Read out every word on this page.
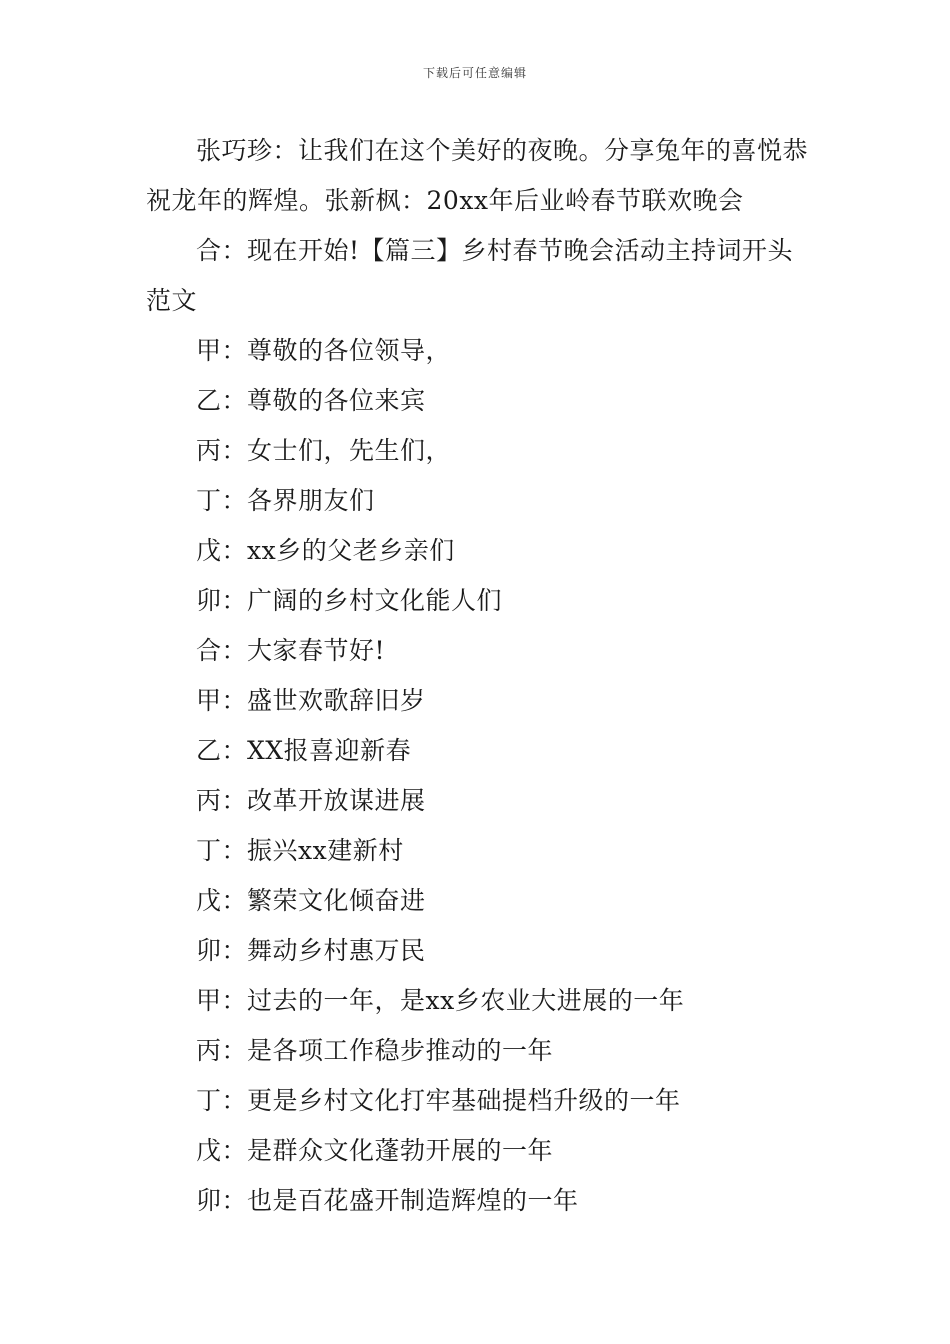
下载后可任意编辑

张巧珍：让我们在这个美好的夜晚。分享兔年的喜悦恭祝龙年的辉煌。张新枫：20xx年后业岭春节联欢晚会

合：现在开始!【篇三】乡村春节晚会活动主持词开头范文

甲：尊敬的各位领导，

乙：尊敬的各位来宾

丙：女士们，先生们，

丁：各界朋友们

戊：xx乡的父老乡亲们

卯：广阔的乡村文化能人们

合：大家春节好!

甲：盛世欢歌辞旧岁

乙：XX报喜迎新春

丙：改革开放谋进展

丁：振兴xx建新村

戊：繁荣文化倾奋进

卯：舞动乡村惠万民

甲：过去的一年，是xx乡农业大进展的一年

丙：是各项工作稳步推动的一年

丁：更是乡村文化打牢基础提档升级的一年

戊：是群众文化蓬勃开展的一年

卯：也是百花盛开制造辉煌的一年
